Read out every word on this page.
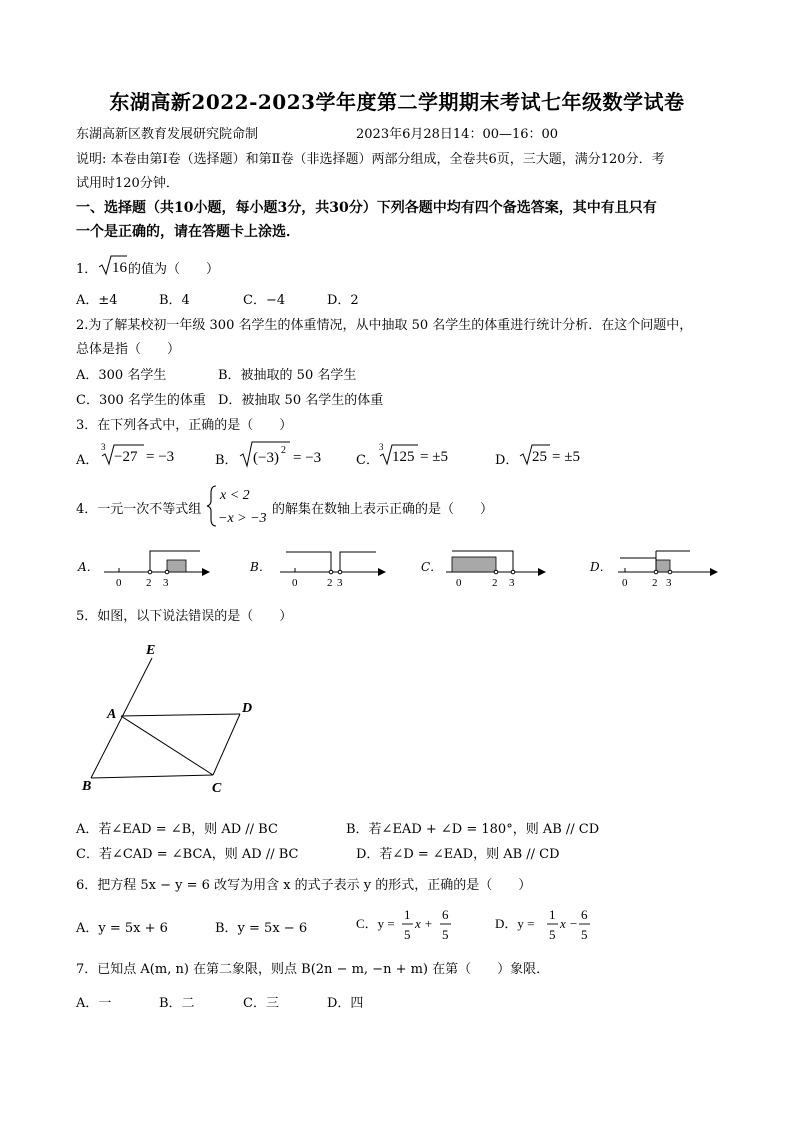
东湖高新2022-2023学年度第二学期期末考试七年级数学试卷
东湖高新区教育发展研究院命制	2023年6月28日14：00—16：00
说明: 本卷由第Ⅰ卷（选择题）和第Ⅱ卷（非选择题）两部分组成，全卷共6页，三大题，满分120分．考
试用时120分钟．
一、选择题（共10小题，每小题3分，共30分）下列各题中均有四个备选答案，其中有且只有
一个是正确的，请在答题卡上涂选．
1． 16 的值为（　　）
A．±4	B．4	C．−4	D．2
2.为了解某校初一年级 300 名学生的体重情况，从中抽取 50 名学生的体重进行统计分析．在这个问题中，
总体是指（　　）
A．300 名学生	B．被抽取的 50 名学生
C．300 名学生的体重 D．被抽取 50 名学生的体重
3．在下列各式中，正确的是（　　）
A．
3
−27 = −3	B． (−3) 2 = −3	C．
3
125 = ±5	D． 25 = ±5
4．一元一次不等式组
x < 2
−x > −3
的解集在数轴上表示正确的是（　　）
A．
0 2 3
B．
0	2 3
C．
0	2 3
D．
0 2 3
5．如图，以下说法错误的是（　　）
E
A	D
B	C
A．若∠EAD = ∠B，则 AD // BC	B．若∠EAD + ∠D = 180°，则 AB // CD
C．若∠CAD = ∠BCA，则 AD // BC	D．若∠D = ∠EAD，则 AB // CD
6．把方程 5x − y = 6 改写为用含 x 的式子表示 y 的形式，正确的是（　　）
A．y = 5x + 6	B．y = 5x − 6	C．y =
1
5
x +
6
5
D．y =
1
5
x −
6
5
7．已知点 A(m, n) 在第二象限，则点 B(2n − m, −n + m) 在第（　　）象限．
A．一	B．二	C．三	D．四
